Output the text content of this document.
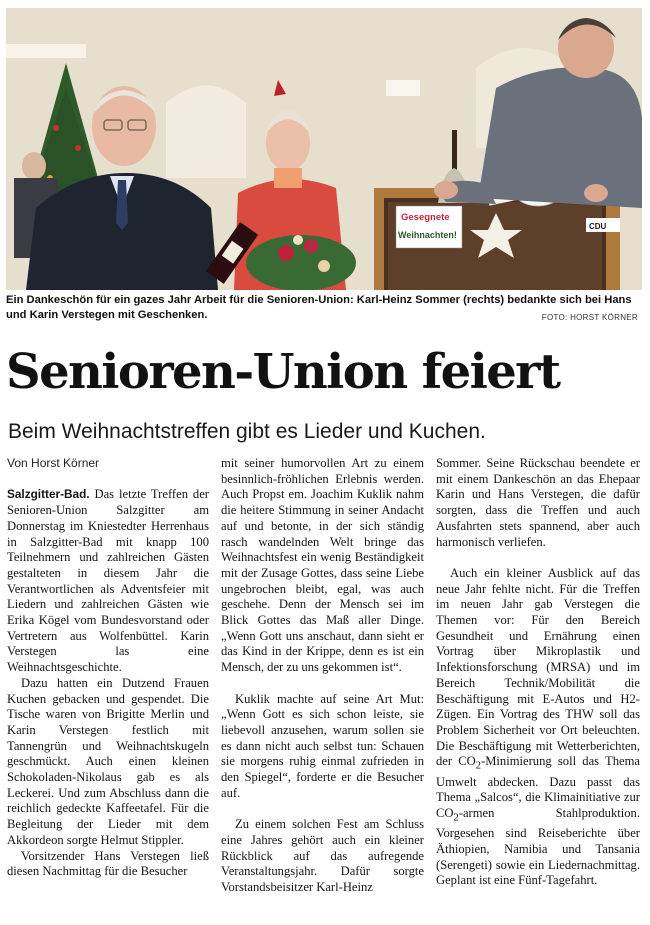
Gesegnete
Weihnachten!
CDU
Ein Dankeschön für ein gazes Jahr Arbeit für die Senioren-Union: Karl-Heinz Sommer (rechts) bedankte sich bei Hans und Karin Verstegen mit Geschenken.	FOTO: HORST KÖRNER
Senioren-Union feiert
Beim Weihnachtstreffen gibt es Lieder und Kuchen.
Von Horst Körner

Salzgitter-Bad. Das letzte Treffen der Senioren-Union Salzgitter am Donnerstag im Kniestedter Herrenhaus in Salzgitter-Bad mit knapp 100 Teilnehmern und zahlreichen Gästen gestalteten in diesem Jahr die Verantwortlichen als Adventsfeier mit Liedern und zahlreichen Gästen wie Erika Kögel vom Bundesvorstand oder Vertretern aus Wolfenbüttel. Karin Verstegen las eine Weihnachtsgeschichte.

Dazu hatten ein Dutzend Frauen Kuchen gebacken und gespendet. Die Tische waren von Brigitte Merlin und Karin Verstegen festlich mit Tannengrün und Weihnachtskugeln geschmückt. Auch einen kleinen Schokoladen-Nikolaus gab es als Leckerei. Und zum Abschluss dann die reichlich gedeckte Kaffeetafel. Für die Begleitung der Lieder mit dem Akkordeon sorgte Helmut Stippler.

Vorsitzender Hans Verstegen ließ diesen Nachmittag für die Besucher

mit seiner humorvollen Art zu einem besinnlich-fröhlichen Erlebnis werden. Auch Propst em. Joachim Kuklik nahm die heitere Stimmung in seiner Andacht auf und betonte, in der sich ständig rasch wandelnden Welt bringe das Weihnachtsfest ein wenig Beständigkeit mit der Zusage Gottes, dass seine Liebe ungebrochen bleibt, egal, was auch geschehe. Denn der Mensch sei im Blick Gottes das Maß aller Dinge. „Wenn Gott uns anschaut, dann sieht er das Kind in der Krippe, denn es ist ein Mensch, der zu uns gekommen ist“.

Kuklik machte auf seine Art Mut: „Wenn Gott es sich schon leiste, sie liebevoll anzusehen, warum sollen sie es dann nicht auch selbst tun: Schauen sie morgens ruhig einmal zufrieden in den Spiegel“, forderte er die Besucher auf.

Zu einem solchen Fest am Schluss eine Jahres gehört auch ein kleiner Rückblick auf das aufregende Veranstaltungsjahr. Dafür sorgte Vorstandsbeisitzer Karl-Heinz

Sommer. Seine Rückschau beendete er mit einem Dankeschön an das Ehepaar Karin und Hans Verstegen, die dafür sorgten, dass die Treffen und auch Ausfahrten stets spannend, aber auch harmonisch verliefen.

Auch ein kleiner Ausblick auf das neue Jahr fehlte nicht. Für die Treffen im neuen Jahr gab Verstegen die Themen vor: Für den Bereich Gesundheit und Ernährung einen Vortrag über Mikroplastik und Infektionsforschung (MRSA) und im Bereich Technik/Mobilität die Beschäftigung mit E-Autos und H2-Zügen. Ein Vortrag des THW soll das Problem Sicherheit vor Ort beleuchten. Die Beschäftigung mit Wetterberichten, der $CO_2$-Minimierung soll das Thema Umwelt abdecken. Dazu passt das Thema „Salcos“, die Klimainitiative zur $CO_2$-armen Stahlproduktion. Vorgesehen sind Reiseberichte über Äthiopien, Namibia und Tansania (Serengeti) sowie ein Liedernachmittag. Geplant ist eine Fünf-Tagefahrt.
